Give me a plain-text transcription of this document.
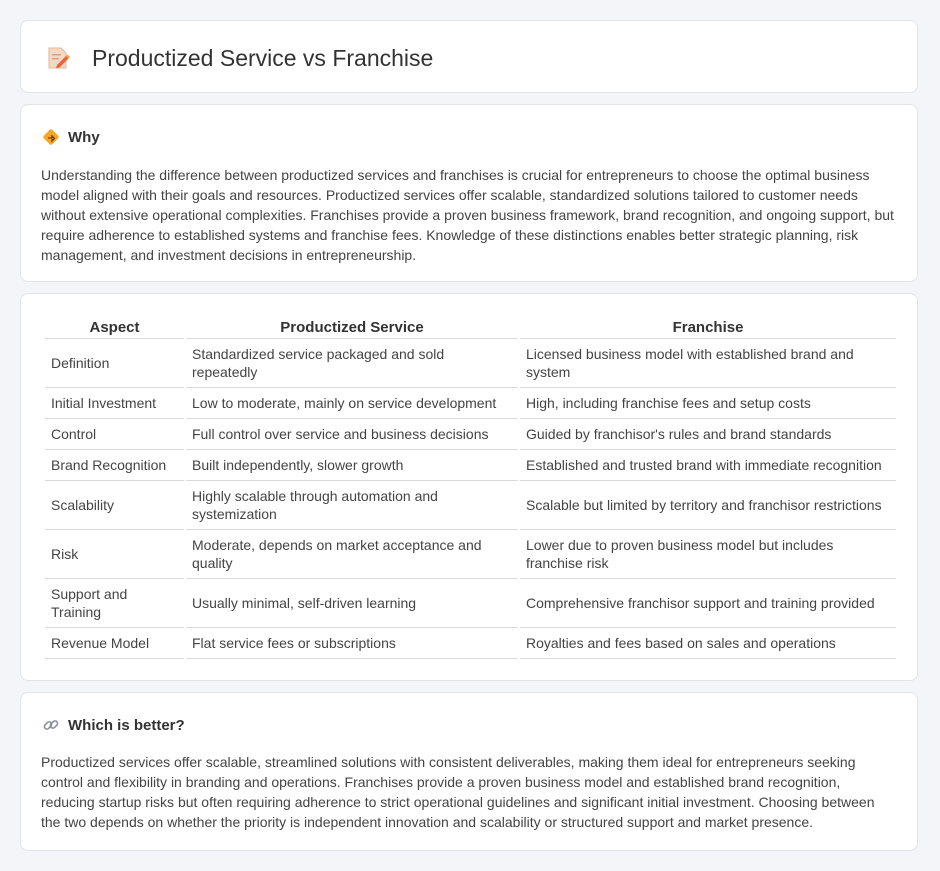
Productized Service vs Franchise
Why

Understanding the difference between productized services and franchises is crucial for entrepreneurs to choose the optimal business model aligned with their goals and resources. Productized services offer scalable, standardized solutions tailored to customer needs without extensive operational complexities. Franchises provide a proven business framework, brand recognition, and ongoing support, but require adherence to established systems and franchise fees. Knowledge of these distinctions enables better strategic planning, risk management, and investment decisions in entrepreneurship.

Aspect	Productized Service	Franchise
Definition	Standardized service packaged and sold repeatedly	Licensed business model with established brand and system
Initial Investment	Low to moderate, mainly on service development	High, including franchise fees and setup costs
Control	Full control over service and business decisions	Guided by franchisor's rules and brand standards
Brand Recognition	Built independently, slower growth	Established and trusted brand with immediate recognition
Scalability	Highly scalable through automation and systemization	Scalable but limited by territory and franchisor restrictions
Risk	Moderate, depends on market acceptance and quality	Lower due to proven business model but includes franchise risk
Support and Training	Usually minimal, self-driven learning	Comprehensive franchisor support and training provided
Revenue Model	Flat service fees or subscriptions	Royalties and fees based on sales and operations
Which is better?

Productized services offer scalable, streamlined solutions with consistent deliverables, making them ideal for entrepreneurs seeking control and flexibility in branding and operations. Franchises provide a proven business model and established brand recognition, reducing startup risks but often requiring adherence to strict operational guidelines and significant initial investment. Choosing between the two depends on whether the priority is independent innovation and scalability or structured support and market presence.
